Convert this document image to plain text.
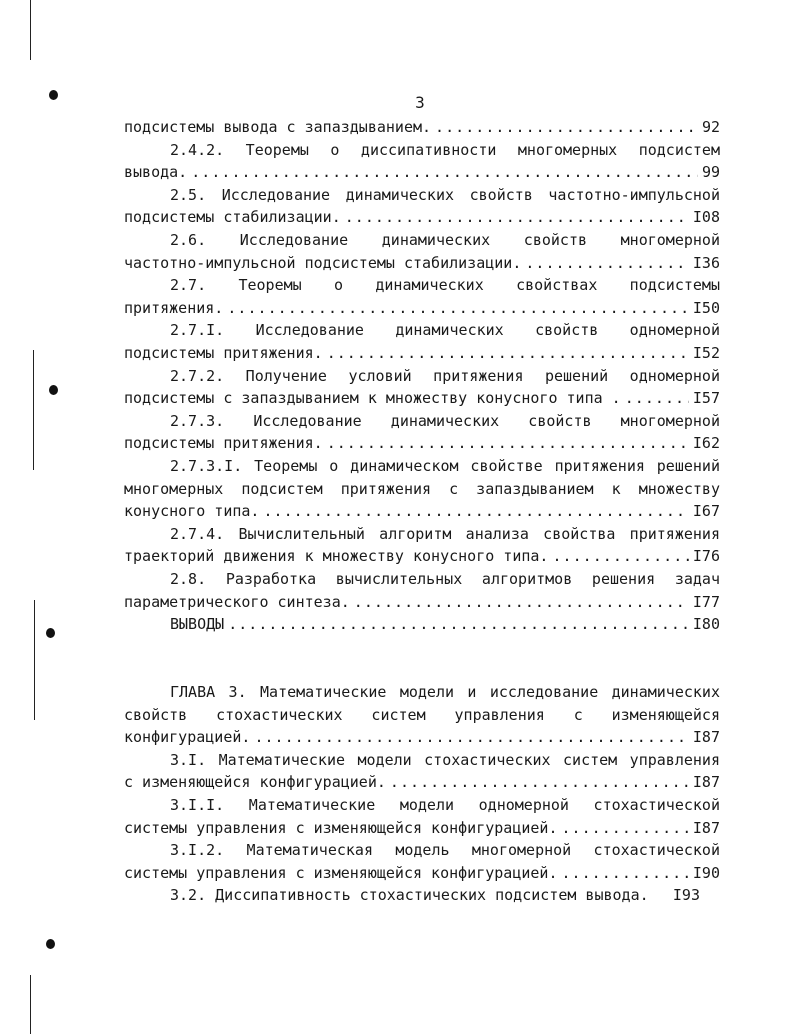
3
подсистемы вывода с запаздыванием. . . .	92
2.4.2. Теоремы о диссипативности многомерных подсистем
вывода. . . .	99
2.5. Исследование динамических свойств частотно-импульсной
подсистемы стабилизации. . . .	I08
2.6. Исследование динамических свойств многомерной
частотно-импульсной подсистемы стабилизации. . . .	I36
2.7. Теоремы о динамических свойствах подсистемы
притяжения. . . .	I50
2.7.I. Исследование динамических свойств одномерной
подсистемы притяжения. . . .	I52
2.7.2. Получение условий притяжения решений одномерной
подсистемы с запаздыванием к множеству конусного типа . . . .	I57
2.7.3. Исследование динамических свойств многомерной
подсистемы притяжения. . . .	I62
2.7.3.I. Теоремы о динамическом свойстве притяжения решений
многомерных подсистем притяжения с запаздыванием к множеству
конусного типа. . . .	I67
2.7.4. Вычислительный алгоритм анализа свойства притяжения
траекторий движения к множеству конусного типа. . . .	I76
2.8. Разработка вычислительных алгоритмов решения задач
параметрического синтеза. . . .	I77
ВЫВОДЫ . . .	I80
ГЛАВА 3. Математические модели и исследование динамических
свойств стохастических систем управления с изменяющейся
конфигурацией. . . .	I87
3.I. Математические модели стохастических систем управления
с изменяющейся конфигурацией. . . .	I87
3.I.I. Математические модели одномерной стохастической
системы управления с изменяющейся конфигурацией. . . .	I87
3.I.2. Математическая модель многомерной стохастической
системы управления с изменяющейся конфигурацией. . . .	I90
3.2. Диссипативность стохастических подсистем вывода. I93
